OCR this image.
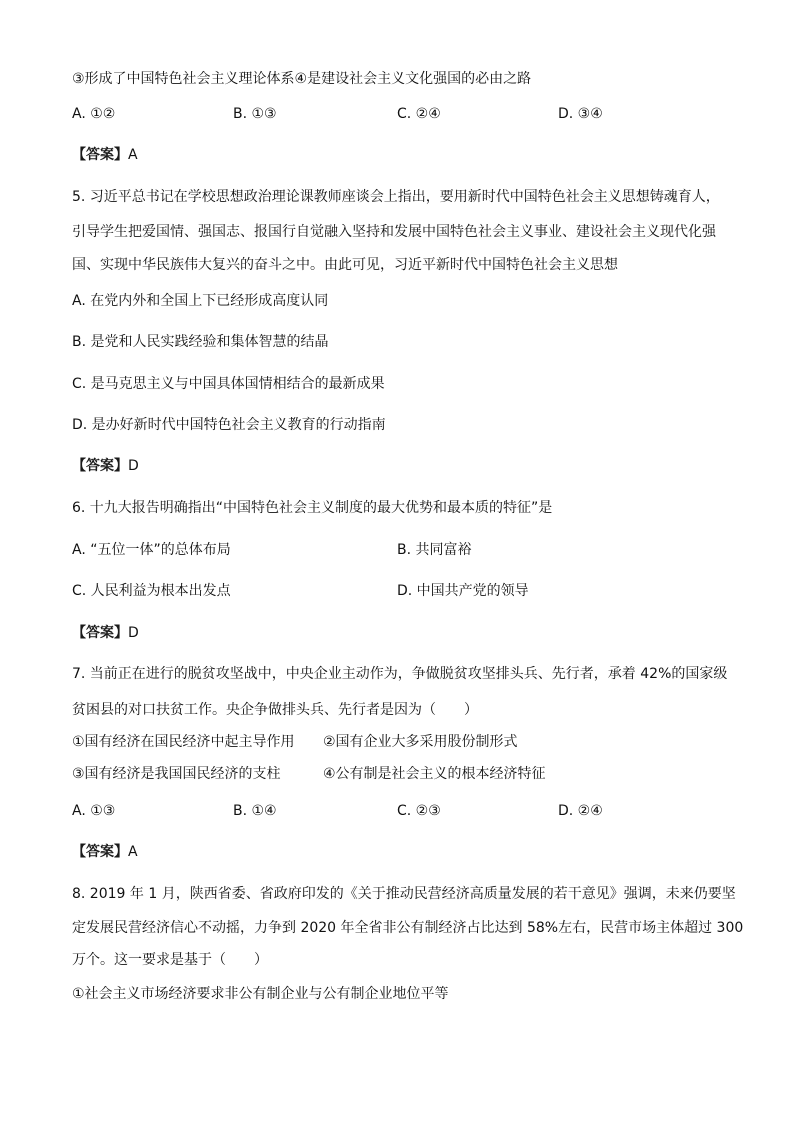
③形成了中国特色社会主义理论体系④是建设社会主义文化强国的必由之路
A. ①②	B. ①③	C. ②④	D. ③④
【答案】A
5. 习近平总书记在学校思想政治理论课教师座谈会上指出，要用新时代中国特色社会主义思想铸魂育人，
引导学生把爱国情、强国志、报国行自觉融入坚持和发展中国特色社会主义事业、建设社会主义现代化强
国、实现中华民族伟大复兴的奋斗之中。由此可见，习近平新时代中国特色社会主义思想
A. 在党内外和全国上下已经形成高度认同
B. 是党和人民实践经验和集体智慧的结晶
C. 是马克思主义与中国具体国情相结合的最新成果
D. 是办好新时代中国特色社会主义教育的行动指南
【答案】D
6. 十九大报告明确指出“中国特色社会主义制度的最大优势和最本质的特征”是
A. “五位一体”的总体布局	B. 共同富裕
C. 人民利益为根本出发点	D. 中国共产党的领导
【答案】D
7. 当前正在进行的脱贫攻坚战中，中央企业主动作为，争做脱贫攻坚排头兵、先行者，承着 42%的国家级
贫困县的对口扶贫工作。央企争做排头兵、先行者是因为（　　）
①国有经济在国民经济中起主导作用 ②国有企业大多采用股份制形式
③国有经济是我国国民经济的支柱	④公有制是社会主义的根本经济特征
A. ①③	B. ①④	C. ②③	D. ②④
【答案】A
8. 2019 年 1 月，陕西省委、省政府印发的《关于推动民营经济高质量发展的若干意见》强调，未来仍要坚
定发展民营经济信心不动摇，力争到 2020 年全省非公有制经济占比达到 58%左右，民营市场主体超过 300
万个。这一要求是基于（　　）
①社会主义市场经济要求非公有制企业与公有制企业地位平等
